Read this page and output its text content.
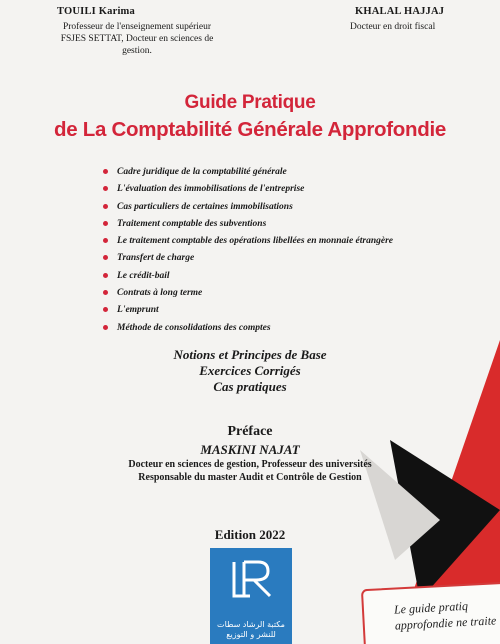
TOUILI Karima
Professeur de l'enseignement supérieur FSJES SETTAT, Docteur en sciences de gestion.
KHALAL HAJJAJ
Docteur en droit fiscal
Guide Pratique
de La Comptabilité Générale Approfondie
Cadre juridique de la comptabilité générale
L'évaluation des immobilisations de l'entreprise
Cas particuliers de certaines immobilisations
Traitement comptable des subventions
Le traitement comptable des opérations libellées en monnaie étrangère
Transfert de charge
Le crédit-bail
Contrats à long terme
L'emprunt
Méthode de consolidations des comptes
Notions et Principes de Base
Exercices Corrigés
Cas pratiques
Préface
MASKINI NAJAT
Docteur en sciences de gestion, Professeur des universités
Responsable du master Audit et Contrôle de Gestion
Edition 2022
مكتبة الرشاد سطات
للنشر و التوزيع
Le guide pratiq
approfondie ne traite
